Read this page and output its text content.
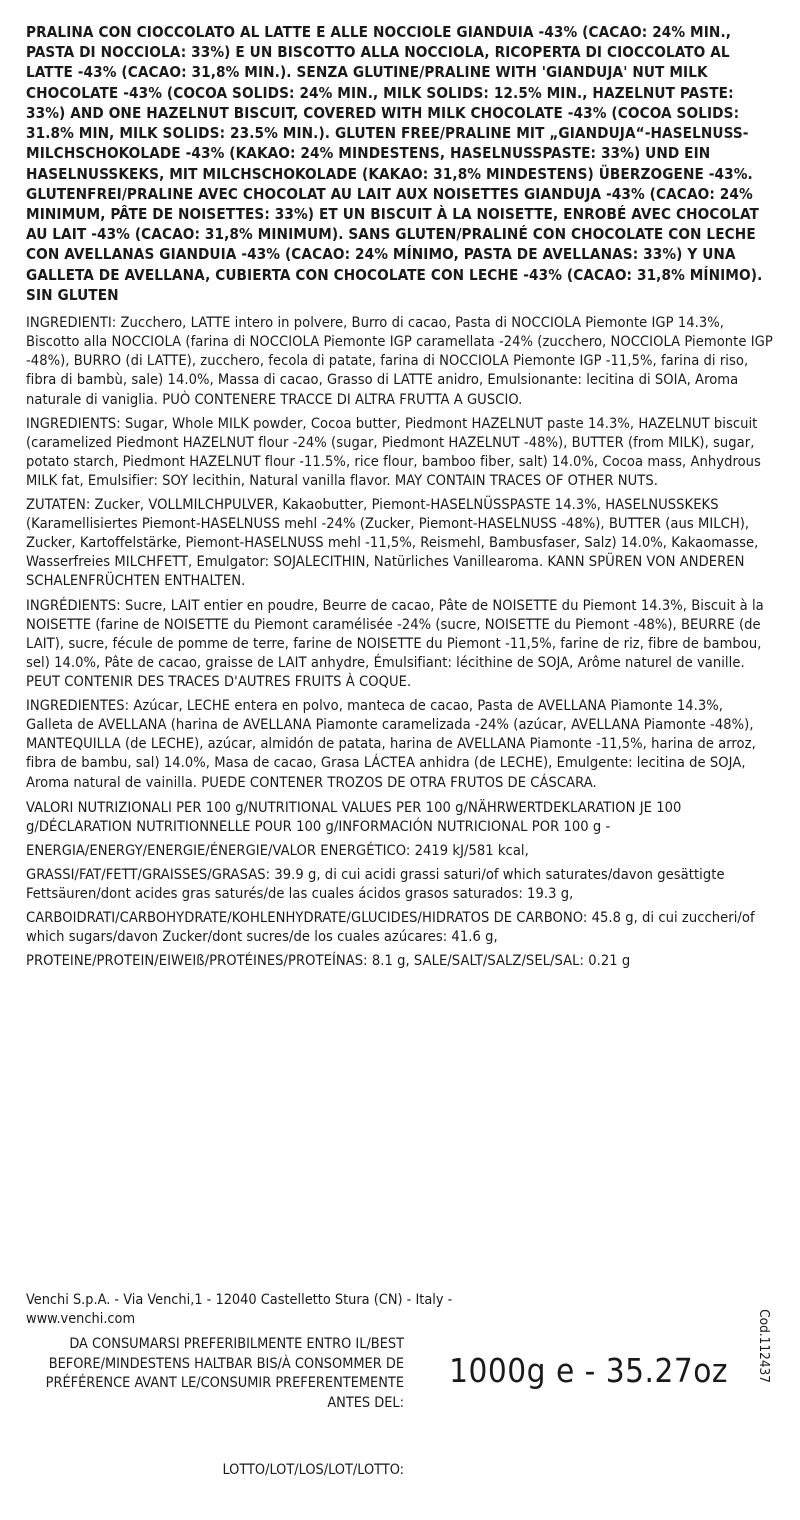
PRALINA CON CIOCCOLATO AL LATTE E ALLE NOCCIOLE GIANDUIA -43% (CACAO: 24% MIN., PASTA DI NOCCIOLA: 33%) E UN BISCOTTO ALLA NOCCIOLA, RICOPERTA DI CIOCCOLATO AL LATTE -43% (CACAO: 31,8% MIN.). SENZA GLUTINE/PRALINE WITH 'GIANDUJA' NUT MILK CHOCOLATE -43% (COCOA SOLIDS: 24% MIN., MILK SOLIDS: 12.5% MIN., HAZELNUT PASTE: 33%) AND ONE HAZELNUT BISCUIT, COVERED WITH MILK CHOCOLATE -43% (COCOA SOLIDS: 31.8% MIN, MILK SOLIDS: 23.5% MIN.). GLUTEN FREE/PRALINE MIT „GIANDUJA“-HASELNUSS-MILCHSCHOKOLADE -43% (KAKAO: 24% MINDESTENS, HASELNUSSPASTE: 33%) UND EIN HASELNUSSKEKS, MIT MILCHSCHOKOLADE (KAKAO: 31,8% MINDESTENS) ÜBERZOGENE -43%. GLUTENFREI/PRALINE AVEC CHOCOLAT AU LAIT AUX NOISETTES GIANDUJA -43% (CACAO: 24% MINIMUM, PÂTE DE NOISETTES: 33%) ET UN BISCUIT À LA NOISETTE, ENROBÉ AVEC CHOCOLAT AU LAIT -43% (CACAO: 31,8% MINIMUM). SANS GLUTEN/PRALINÉ CON CHOCOLATE CON LECHE CON AVELLANAS GIANDUIA -43% (CACAO: 24% MÍNIMO, PASTA DE AVELLANAS: 33%) Y UNA GALLETA DE AVELLANA, CUBIERTA CON CHOCOLATE CON LECHE -43% (CACAO: 31,8% MÍNIMO). SIN GLUTEN

INGREDIENTI: Zucchero, LATTE intero in polvere, Burro di cacao, Pasta di NOCCIOLA Piemonte IGP 14.3%, Biscotto alla NOCCIOLA (farina di NOCCIOLA Piemonte IGP caramellata -24% (zucchero, NOCCIOLA Piemonte IGP -48%), BURRO (di LATTE), zucchero, fecola di patate, farina di NOCCIOLA Piemonte IGP -11,5%, farina di riso, fibra di bambù, sale) 14.0%, Massa di cacao, Grasso di LATTE anidro, Emulsionante: lecitina di SOIA, Aroma naturale di vaniglia. PUÒ CONTENERE TRACCE DI ALTRA FRUTTA A GUSCIO.

INGREDIENTS: Sugar, Whole MILK powder, Cocoa butter, Piedmont HAZELNUT paste 14.3%, HAZELNUT biscuit (caramelized Piedmont HAZELNUT flour -24% (sugar, Piedmont HAZELNUT -48%), BUTTER (from MILK), sugar, potato starch, Piedmont HAZELNUT flour -11.5%, rice flour, bamboo fiber, salt) 14.0%, Cocoa mass, Anhydrous MILK fat, Emulsifier: SOY lecithin, Natural vanilla flavor. MAY CONTAIN TRACES OF OTHER NUTS.

ZUTATEN: Zucker, VOLLMILCHPULVER, Kakaobutter, Piemont-HASELNÜSSPASTE 14.3%, HASELNUSSKEKS (Karamellisiertes Piemont-HASELNUSS mehl -24% (Zucker, Piemont-HASELNUSS -48%), BUTTER (aus MILCH), Zucker, Kartoffelstärke, Piemont-HASELNUSS mehl -11,5%, Reismehl, Bambusfaser, Salz) 14.0%, Kakaomasse, Wasserfreies MILCHFETT, Emulgator: SOJALECITHIN, Natürliches Vanillearoma. KANN SPÜREN VON ANDEREN SCHALENFRÜCHTEN ENTHALTEN.

INGRÉDIENTS: Sucre, LAIT entier en poudre, Beurre de cacao, Pâte de NOISETTE du Piemont 14.3%, Biscuit à la NOISETTE (farine de NOISETTE du Piemont caramélisée -24% (sucre, NOISETTE du Piemont -48%), BEURRE (de LAIT), sucre, fécule de pomme de terre, farine de NOISETTE du Piemont -11,5%, farine de riz, fibre de bambou, sel) 14.0%, Pâte de cacao, graisse de LAIT anhydre, Émulsifiant: lécithine de SOJA, Arôme naturel de vanille. PEUT CONTENIR DES TRACES D'AUTRES FRUITS À COQUE.

INGREDIENTES: Azúcar, LECHE entera en polvo, manteca de cacao, Pasta de AVELLANA Piamonte 14.3%, Galleta de AVELLANA (harina de AVELLANA Piamonte caramelizada -24% (azúcar, AVELLANA Piamonte -48%), MANTEQUILLA (de LECHE), azúcar, almidón de patata, harina de AVELLANA Piamonte -11,5%, harina de arroz, fibra de bambu, sal) 14.0%, Masa de cacao, Grasa LÁCTEA anhidra (de LECHE), Emulgente: lecitina de SOJA, Aroma natural de vainilla. PUEDE CONTENER TROZOS DE OTRA FRUTOS DE CÁSCARA.

VALORI NUTRIZIONALI PER 100 g/NUTRITIONAL VALUES PER 100 g/NÄHRWERTDEKLARATION JE 100 g/DÉCLARATION NUTRITIONNELLE POUR 100 g/INFORMACIÓN NUTRICIONAL POR 100 g -

ENERGIA/ENERGY/ENERGIE/ÉNERGIE/VALOR ENERGÉTICO: 2419 kJ/581 kcal,

GRASSI/FAT/FETT/GRAISSES/GRASAS: 39.9 g, di cui acidi grassi saturi/of which saturates/davon gesättigte Fettsäuren/dont acides gras saturés/de las cuales ácidos grasos saturados: 19.3 g,

CARBOIDRATI/CARBOHYDRATE/KOHLENHYDRATE/GLUCIDES/HIDRATOS DE CARBONO: 45.8 g, di cui zuccheri/of which sugars/davon Zucker/dont sucres/de los cuales azúcares: 41.6 g,

PROTEINE/PROTEIN/EIWEIß/PROTÉINES/PROTEÍNAS: 8.1 g, SALE/SALT/SALZ/SEL/SAL: 0.21 g

Venchi S.p.A. - Via Venchi,1 - 12040 Castelletto Stura (CN) - Italy - www.venchi.com
DA CONSUMARSI PREFERIBILMENTE ENTRO IL/BEST BEFORE/MINDESTENS HALTBAR BIS/À CONSOMMER DE PRÉFÉRENCE AVANT LE/CONSUMIR PREFERENTEMENTE ANTES DEL:
LOTTO/LOT/LOS/LOT/LOTTO:
1000g e - 35.27oz Cod.112437
